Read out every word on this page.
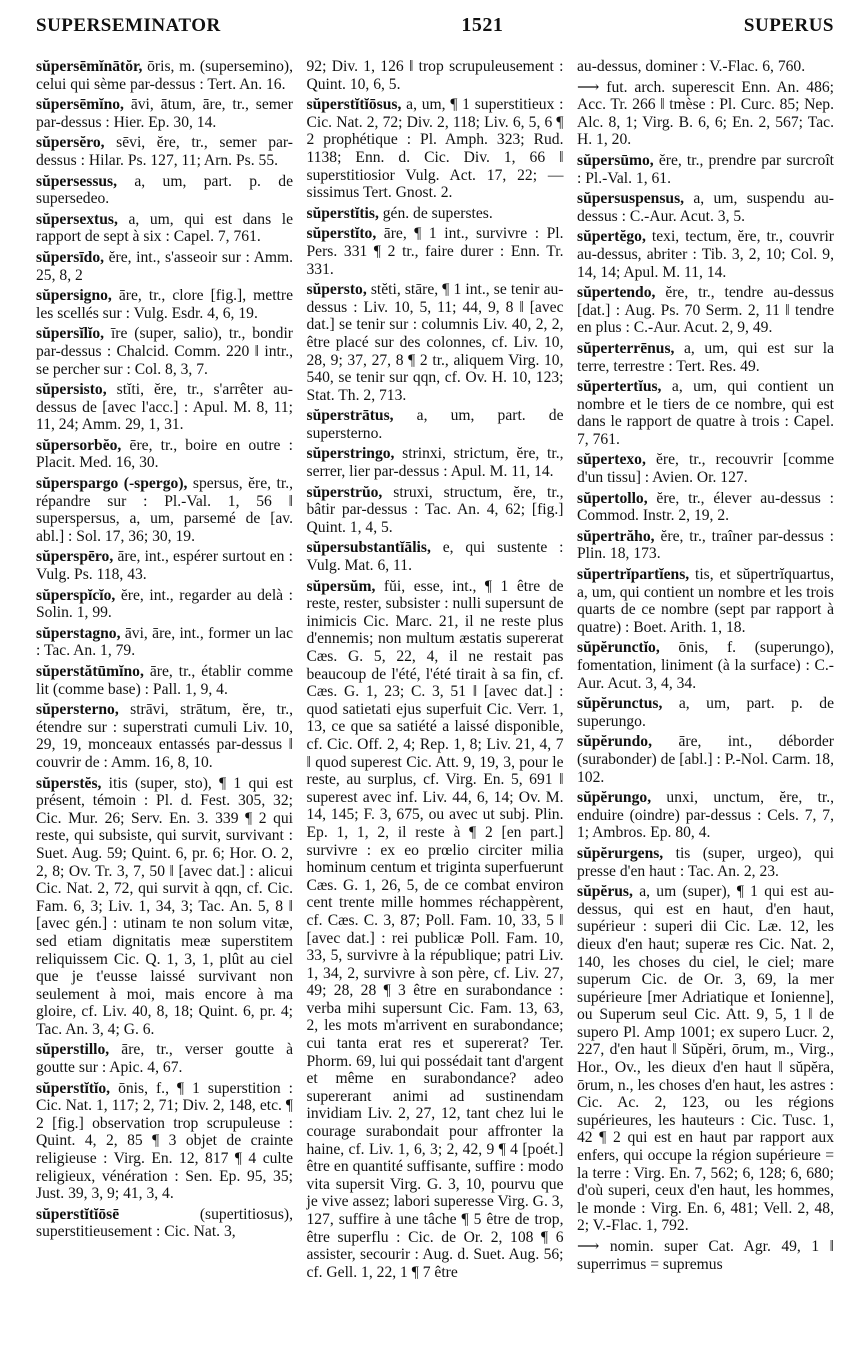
SUPERSEMINATOR	1521	SUPERUS

sŭpersēmĭnātŏr, ōris, m. (superseminо), celui qui sème par-dessus : Tert. An. 16.

sŭpersēmĭno, āvi, ātum, āre, tr., semer par-dessus : Hier. Ep. 30, 14.

sŭpersĕro, sēvi, ĕre, tr., semer par-dessus : Hilar. Ps. 127, 11; Arn. Ps. 55.

sŭpersessus, a, um, part. p. de supersedeo.

sŭpersextus, a, um, qui est dans le rapport de sept à six : Capel. 7, 761.

sŭpersīdo, ĕre, int., s'asseoir sur : Amm. 25, 8, 2

sŭpersigno, āre, tr., clore [fig.], mettre les scellés sur : Vulg. Esdr. 4, 6, 19.

sŭpersĭlĭo, īre (super, salio), tr., bondir par-dessus : Chalcid. Comm. 220 ‖ intr., se percher sur : Col. 8, 3, 7.

sŭpersisto, stĭti, ĕre, tr., s'arrêter au-dessus de [avec l'acc.] : Apul. M. 8, 11; 11, 24; Amm. 29, 1, 31.

sŭpersorbĕo, ēre, tr., boire en outre : Placit. Med. 16, 30.

sŭperspargo (-spergo), spersus, ĕre, tr., répandre sur : Pl.-Val. 1, 56 ‖ superspersus, a, um, parsemé de [av. abl.] : Sol. 17, 36; 30, 19.

sŭperspēro, āre, int., espérer surtout en : Vulg. Ps. 118, 43.

sŭperspĭcĭo, ĕre, int., regarder au delà : Solin. 1, 99.

sŭperstagno, āvi, āre, int., former un lac : Tac. An. 1, 79.

sŭperstătūmĭno, āre, tr., établir comme lit (comme base) : Pall. 1, 9, 4.

sŭpersterno, strāvi, strātum, ĕre, tr., étendre sur : superstrati cumuli Liv. 10, 29, 19, monceaux entassés par-dessus ‖ couvrir de : Amm. 16, 8, 10.

sŭperstĕs, itis (super, sto), ¶ 1 qui est présent, témoin : Pl. d. Fest. 305, 32; Cic. Mur. 26; Serv. En. 3. 339 ¶ 2 qui reste, qui subsiste, qui survit, survivant : Suet. Aug. 59; Quint. 6, pr. 6; Hor. O. 2, 2, 8; Ov. Tr. 3, 7, 50 ‖ [avec dat.] : alicui Cic. Nat. 2, 72, qui survit à qqn, cf. Cic. Fam. 6, 3; Liv. 1, 34, 3; Tac. An. 5, 8 ‖ [avec gén.] : utinam te non solum vitæ, sed etiam dignitatis meæ superstitem reliquissem Cic. Q. 1, 3, 1, plût au ciel que je t'eusse laissé survivant non seulement à moi, mais encore à ma gloire, cf. Liv. 40, 8, 18; Quint. 6, pr. 4; Tac. An. 3, 4; G. 6.

sŭperstillo, āre, tr., verser goutte à goutte sur : Apic. 4, 67.

sŭperstĭtĭo, ōnis, f., ¶ 1 superstition : Cic. Nat. 1, 117; 2, 71; Div. 2, 148, etc. ¶ 2 [fig.] observation trop scrupuleuse : Quint. 4, 2, 85 ¶ 3 objet de crainte religieuse : Virg. En. 12, 817 ¶ 4 culte religieux, vénération : Sen. Ep. 95, 35; Just. 39, 3, 9; 41, 3, 4.

sŭperstĭtĭōsē (supertitiosus), superstitieusement : Cic. Nat. 3,

92; Div. 1, 126 ‖ trop scrupuleusement : Quint. 10, 6, 5.

sŭperstĭtĭōsus, a, um, ¶ 1 superstitieux : Cic. Nat. 2, 72; Div. 2, 118; Liv. 6, 5, 6 ¶ 2 prophétique : Pl. Amph. 323; Rud. 1138; Enn. d. Cic. Div. 1, 66 ‖ superstitiosior Vulg. Act. 17, 22; — sissimus Tert. Gnost. 2.

sŭperstĭtis, gén. de superstes.

sŭperstĭto, āre, ¶ 1 int., survivre : Pl. Pers. 331 ¶ 2 tr., faire durer : Enn. Tr. 331.

sŭpersto, stĕti, stāre, ¶ 1 int., se tenir au-dessus : Liv. 10, 5, 11; 44, 9, 8 ‖ [avec dat.] se tenir sur : columnis Liv. 40, 2, 2, être placé sur des colonnes, cf. Liv. 10, 28, 9; 37, 27, 8 ¶ 2 tr., aliquem Virg. 10, 540, se tenir sur qqn, cf. Ov. H. 10, 123; Stat. Th. 2, 713.

sŭperstrātus, a, um, part. de supersterno.

sŭperstringo, strinxi, strictum, ĕre, tr., serrer, lier par-dessus : Apul. M. 11, 14.

sŭperstrŭo, struxi, structum, ĕre, tr., bâtir par-dessus : Tac. An. 4, 62; [fig.] Quint. 1, 4, 5.

sŭpersubstantĭālis, e, qui sustente : Vulg. Mat. 6, 11.

sŭpersŭm, fŭi, esse, int., ¶ 1 être de reste, rester, subsister : nulli supersunt de inimicis Cic. Marc. 21, il ne reste plus d'ennemis; non multum æstatis supererat Cæs. G. 5, 22, 4, il ne restait pas beaucoup de l'été, l'été tirait à sa fin, cf. Cæs. G. 1, 23; C. 3, 51 ‖ [avec dat.] : quod satietati ejus superfuit Cic. Verr. 1, 13, ce que sa satiété a laissé disponible, cf. Cic. Off. 2, 4; Rep. 1, 8; Liv. 21, 4, 7 ‖ quod superest Cic. Att. 9, 19, 3, pour le reste, au surplus, cf. Virg. En. 5, 691 ‖ superest avec inf. Liv. 44, 6, 14; Ov. M. 14, 145; F. 3, 675, ou avec ut subj. Plin. Ep. 1, 1, 2, il reste à ¶ 2 [en part.] survivre : ex eo prœlio circiter milia hominum centum et triginta superfuerunt Cæs. G. 1, 26, 5, de ce combat environ cent trente mille hommes réchappèrent, cf. Cæs. C. 3, 87; Poll. Fam. 10, 33, 5 ‖ [avec dat.] : rei publicæ Poll. Fam. 10, 33, 5, survivre à la république; patri Liv. 1, 34, 2, survivre à son père, cf. Liv. 27, 49; 28, 28 ¶ 3 être en surabondance : verba mihi supersunt Cic. Fam. 13, 63, 2, les mots m'arrivent en surabondance; cui tanta erat res et supererat? Ter. Phorm. 69, lui qui possédait tant d'argent et même en surabondance? adeo supererant animi ad sustinendam invidiam Liv. 2, 27, 12, tant chez lui le courage surabondait pour affronter la haine, cf. Liv. 1, 6, 3; 2, 42, 9 ¶ 4 [poét.] être en quantité suffisante, suffire : modo vita supersit Virg. G. 3, 10, pourvu que je vive assez; labori superesse Virg. G. 3, 127, suffire à une tâche ¶ 5 être de trop, être superflu : Cic. de Or. 2, 108 ¶ 6 assister, secourir : Aug. d. Suet. Aug. 56; cf. Gell. 1, 22, 1 ¶ 7 être

au-dessus, dominer : V.-Flac. 6, 760.

⟶ fut. arch. superescit Enn. An. 486; Acc. Tr. 266 ‖ tmèse : Pl. Curc. 85; Nep. Alc. 8, 1; Virg. B. 6, 6; En. 2, 567; Tac. H. 1, 20.

sŭpersūmo, ĕre, tr., prendre par surcroît : Pl.-Val. 1, 61.

sŭpersuspensus, a, um, suspendu au-dessus : C.-Aur. Acut. 3, 5.

sŭpertĕgo, texi, tectum, ĕre, tr., couvrir au-dessus, abriter : Tib. 3, 2, 10; Col. 9, 14, 14; Apul. M. 11, 14.

sŭpertendo, ĕre, tr., tendre au-dessus [dat.] : Aug. Ps. 70 Serm. 2, 11 ‖ tendre en plus : C.-Aur. Acut. 2, 9, 49.

sŭperterrēnus, a, um, qui est sur la terre, terrestre : Tert. Res. 49.

sŭpertertĭus, a, um, qui contient un nombre et le tiers de ce nombre, qui est dans le rapport de quatre à trois : Capel. 7, 761.

sŭpertexo, ĕre, tr., recouvrir [comme d'un tissu] : Avien. Or. 127.

sŭpertollo, ĕre, tr., élever au-dessus : Commod. Instr. 2, 19, 2.

sŭpertrăho, ĕre, tr., traîner par-dessus : Plin. 18, 173.

sŭpertrĭpartĭens, tis, et sŭpertrĭquartus, a, um, qui contient un nombre et les trois quarts de ce nombre (sept par rapport à quatre) : Boet. Arith. 1, 18.

sŭpĕrunctĭo, ōnis, f. (superungo), fomentation, liniment (à la surface) : C.-Aur. Acut. 3, 4, 34.

sŭpĕrunctus, a, um, part. p. de superungo.

sŭpĕrundo, āre, int., déborder (surabonder) de [abl.] : P.-Nol. Carm. 18, 102.

sŭpĕrungo, unxi, unctum, ĕre, tr., enduire (oindre) par-dessus : Cels. 7, 7, 1; Ambros. Ep. 80, 4.

sŭpĕrurgens, tis (super, urgeo), qui presse d'en haut : Tac. An. 2, 23.

sŭpĕrus, a, um (super), ¶ 1 qui est au-dessus, qui est en haut, d'en haut, supérieur : superi dii Cic. Læ. 12, les dieux d'en haut; superæ res Cic. Nat. 2, 140, les choses du ciel, le ciel; mare superum Cic. de Or. 3, 69, la mer supérieure [mer Adriatique et Ionienne], ou Superum seul Cic. Att. 9, 5, 1 ‖ de supero Pl. Amp 1001; ex supero Lucr. 2, 227, d'en haut ‖ Sŭpĕri, ōrum, m., Virg., Hor., Ov., les dieux d'en haut ‖ sŭpĕra, ōrum, n., les choses d'en haut, les astres : Cic. Ac. 2, 123, ou les régions supérieures, les hauteurs : Cic. Tusc. 1, 42 ¶ 2 qui est en haut par rapport aux enfers, qui occupe la région supérieure = la terre : Virg. En. 7, 562; 6, 128; 6, 680; d'où superi, ceux d'en haut, les hommes, le monde : Virg. En. 6, 481; Vell. 2, 48, 2; V.-Flac. 1, 792.

⟶ nomin. super Cat. Agr. 49, 1 ‖ superrimus = supremus
